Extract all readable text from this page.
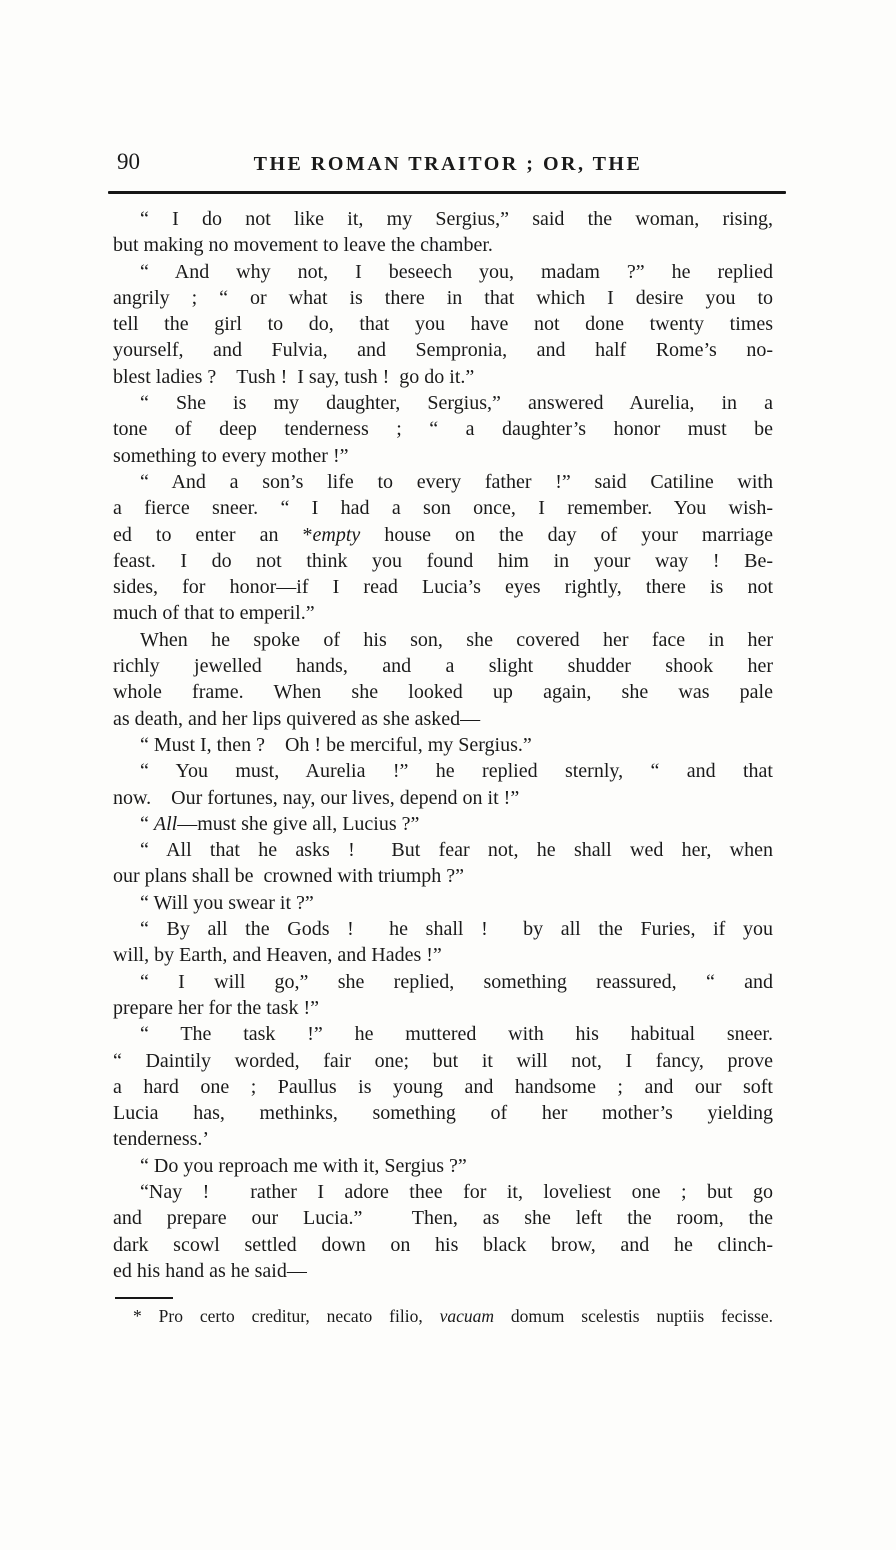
90	THE ROMAN TRAITOR ; OR, THE
“ I do not like it, my Sergius,” said the woman, rising,
but making no movement to leave the chamber.
“ And why not, I beseech you, madam ?” he replied
angrily ; “ or what is there in that which I desire you to
tell the girl to do, that you have not done twenty times
yourself, and Fulvia, and Sempronia, and half Rome’s no-
blest ladies ? Tush ! I say, tush ! go do it.”
“ She is my daughter, Sergius,” answered Aurelia, in a
tone of deep tenderness ; “ a daughter’s honor must be
something to every mother !”
“ And a son’s life to every father !” said Catiline with
a fierce sneer. “ I had a son once, I remember. You wish-
ed to enter an *empty house on the day of your marriage
feast. I do not think you found him in your way ! Be-
sides, for honor—if I read Lucia’s eyes rightly, there is not
much of that to emperil.”
When he spoke of his son, she covered her face in her
richly jewelled hands, and a slight shudder shook her
whole frame. When she looked up again, she was pale
as death, and her lips quivered as she asked—
“ Must I, then ? Oh ! be merciful, my Sergius.”
“ You must, Aurelia !” he replied sternly, “ and that
now. Our fortunes, nay, our lives, depend on it !”
“ All—must she give all, Lucius ?”
“ All that he asks !  But fear not, he shall wed her, when
our plans shall be crowned with triumph ?”
“ Will you swear it ?”
“ By all the Gods !  he shall !  by all the Furies, if you
will, by Earth, and Heaven, and Hades !”
“ I will go,” she replied, something reassured, “ and
prepare her for the task !”
“ The task !” he muttered with his habitual sneer.
“ Daintily worded, fair one; but it will not, I fancy, prove
a hard one ; Paullus is young and handsome ; and our soft
Lucia has, methinks, something of her mother’s yielding
tenderness.’
“ Do you reproach me with it, Sergius ?”
“Nay !  rather I adore thee for it, loveliest one ; but go
and prepare our Lucia.”  Then, as she left the room, the
dark scowl settled down on his black brow, and he clinch-
ed his hand as he said—
* Pro certo creditur, necato filio, vacuam domum scelestis nuptiis fecisse.
